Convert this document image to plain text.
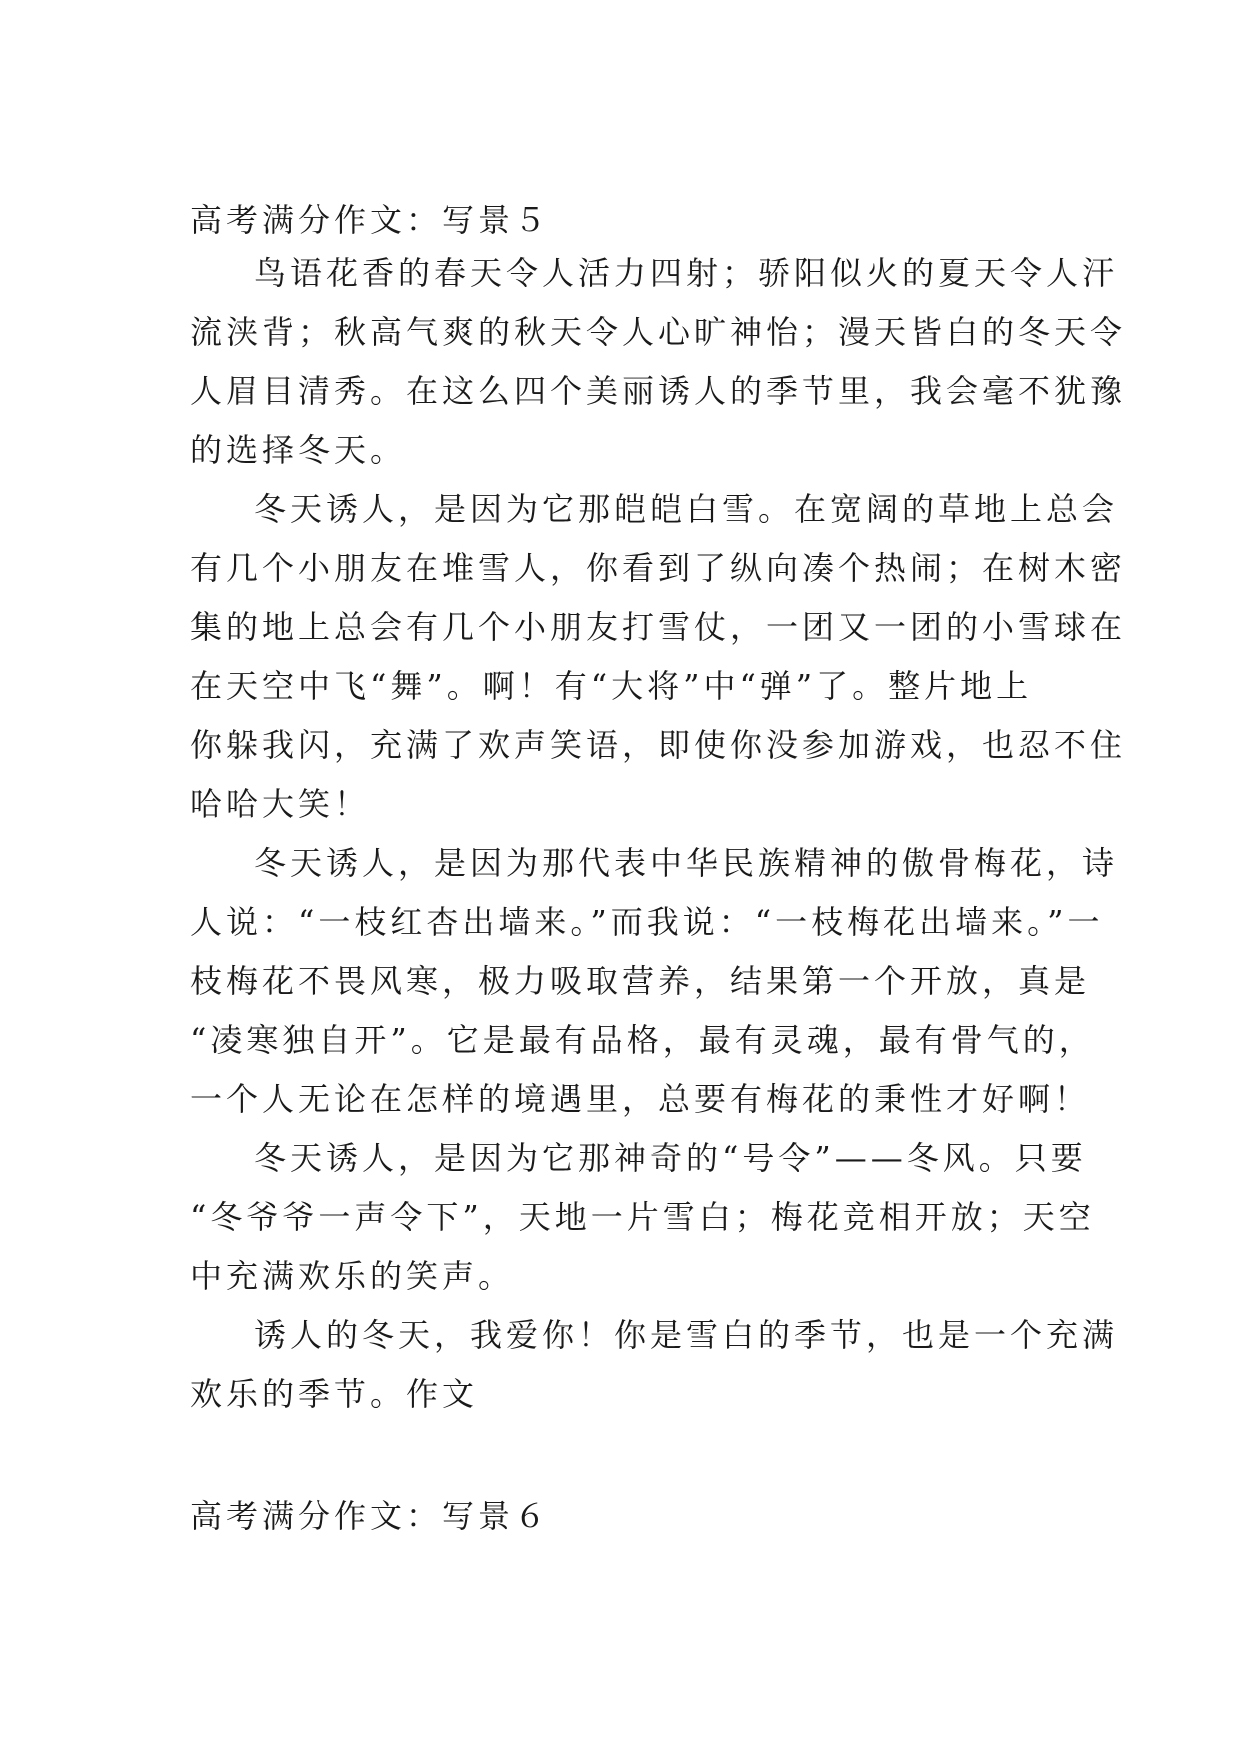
高考满分作文：写景５
鸟语花香的春天令人活力四射；骄阳似火的夏天令人汗
流浃背；秋高气爽的秋天令人心旷神怡；漫天皆白的冬天令
人眉目清秀。在这么四个美丽诱人的季节里，我会毫不犹豫
的选择冬天。
冬天诱人，是因为它那皑皑白雪。在宽阔的草地上总会
有几个小朋友在堆雪人，你看到了纵向凑个热闹；在树木密
集的地上总会有几个小朋友打雪仗，一团又一团的小雪球在
在天空中飞“舞”。啊！有“大将”中“弹”了。整片地上
你躲我闪，充满了欢声笑语，即使你没参加游戏，也忍不住
哈哈大笑！
冬天诱人，是因为那代表中华民族精神的傲骨梅花，诗
人说：“一枝红杏出墙来。”而我说：“一枝梅花出墙来。”一
枝梅花不畏风寒，极力吸取营养，结果第一个开放，真是
“凌寒独自开”。它是最有品格，最有灵魂，最有骨气的，
一个人无论在怎样的境遇里，总要有梅花的秉性才好啊！
冬天诱人，是因为它那神奇的“号令”——冬风。只要
“冬爷爷一声令下”，天地一片雪白；梅花竞相开放；天空
中充满欢乐的笑声。
诱人的冬天，我爱你！你是雪白的季节，也是一个充满
欢乐的季节。作文
高考满分作文：写景６
